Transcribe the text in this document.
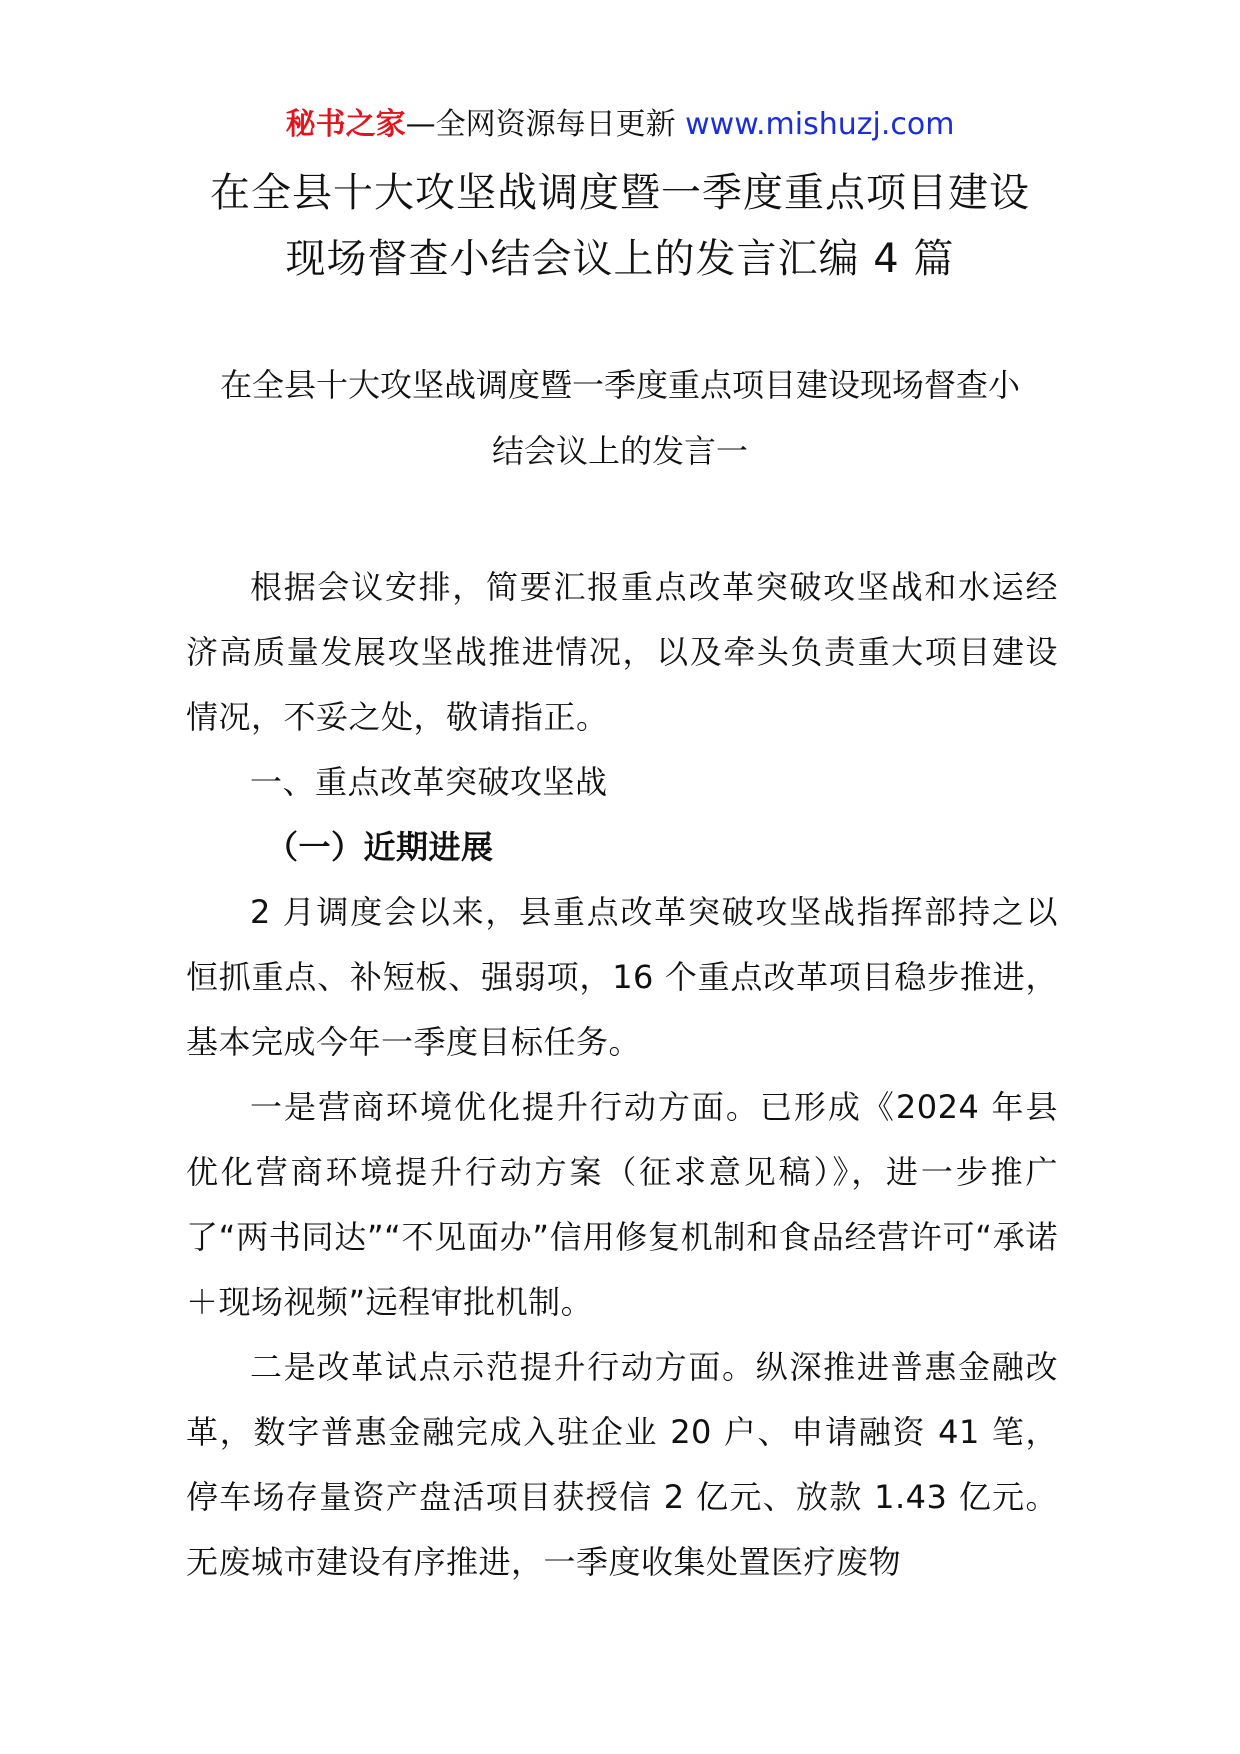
秘书之家—全网资源每日更新 www.mishuzj.com
在全县十大攻坚战调度暨一季度重点项目建设
现场督查小结会议上的发言汇编 4 篇
在全县十大攻坚战调度暨一季度重点项目建设现场督查小
结会议上的发言一

根据会议安排，简要汇报重点改革突破攻坚战和水运经济高质量发展攻坚战推进情况，以及牵头负责重大项目建设情况，不妥之处，敬请指正。

一、重点改革突破攻坚战

（一）近期进展

2 月调度会以来，县重点改革突破攻坚战指挥部持之以恒抓重点、补短板、强弱项，16 个重点改革项目稳步推进，基本完成今年一季度目标任务。

一是营商环境优化提升行动方面。已形成《2024 年县优化营商环境提升行动方案（征求意见稿）》，进一步推广了“两书同达”“不见面办”信用修复机制和食品经营许可“承诺＋现场视频”远程审批机制。

二是改革试点示范提升行动方面。纵深推进普惠金融改革，数字普惠金融完成入驻企业 20 户、申请融资 41 笔，停车场存量资产盘活项目获授信 2 亿元、放款 1.43 亿元。无废城市建设有序推进，一季度收集处置医疗废物
